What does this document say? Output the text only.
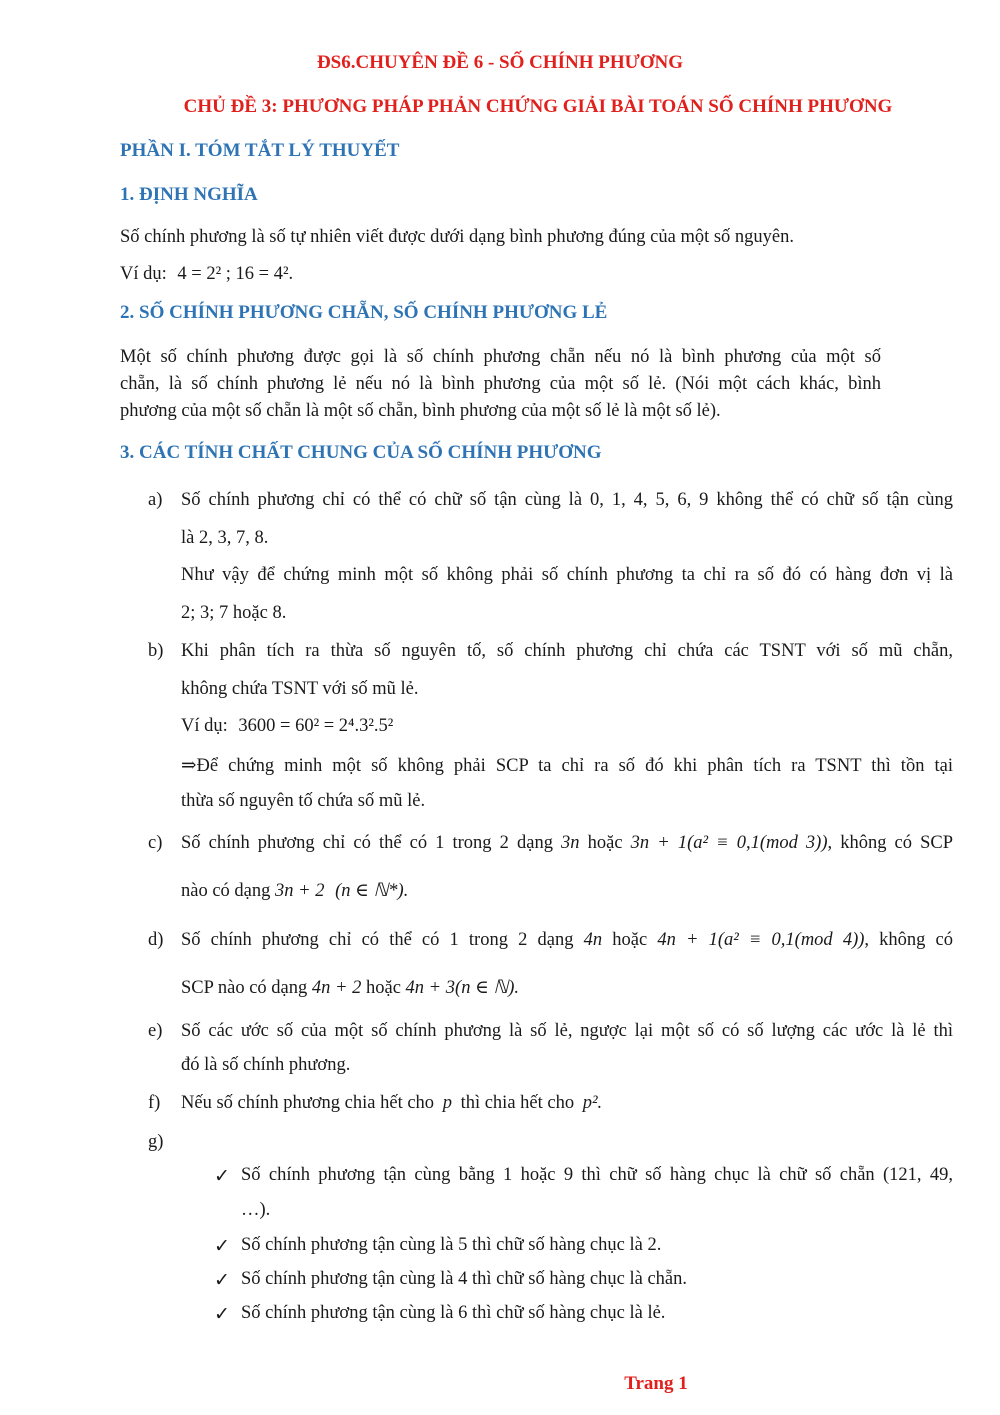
ĐS6.CHUYÊN ĐỀ 6 - SỐ CHÍNH PHƯƠNG
CHỦ ĐỀ 3: PHƯƠNG PHÁP PHẢN CHỨNG GIẢI BÀI TOÁN SỐ CHÍNH PHƯƠNG
PHẦN I. TÓM TẮT LÝ THUYẾT
1. ĐỊNH NGHĨA
Số chính phương là số tự nhiên viết được dưới dạng bình phương đúng của một số nguyên.
Ví dụ: 4 = 2² ; 16 = 4².
2. SỐ CHÍNH PHƯƠNG CHẴN, SỐ CHÍNH PHƯƠNG LẺ
Một số chính phương được gọi là số chính phương chẵn nếu nó là bình phương của một số
chẵn, là số chính phương lẻ nếu nó là bình phương của một số lẻ. (Nói một cách khác, bình
phương của một số chẵn là một số chẵn, bình phương của một số lẻ là một số lẻ).
3. CÁC TÍNH CHẤT CHUNG CỦA SỐ CHÍNH PHƯƠNG
a) Số chính phương chỉ có thể có chữ số tận cùng là 0, 1, 4, 5, 6, 9 không thể có chữ số tận cùng
là 2, 3, 7, 8.
Như vậy để chứng minh một số không phải số chính phương ta chỉ ra số đó có hàng đơn vị là
2; 3; 7 hoặc 8.
b) Khi phân tích ra thừa số nguyên tố, số chính phương chỉ chứa các TSNT với số mũ chẵn,
không chứa TSNT với số mũ lẻ.
Ví dụ: 3600 = 60² = 2⁴.3².5²
⇒Để chứng minh một số không phải SCP ta chỉ ra số đó khi phân tích ra TSNT thì tồn tại
thừa số nguyên tố chứa số mũ lẻ.
c) Số chính phương chỉ có thể có 1 trong 2 dạng 3n hoặc 3n + 1(a² ≡ 0,1(mod 3)), không có SCP
nào có dạng 3n + 2 (n ∈ ℕ*).
d) Số chính phương chỉ có thể có 1 trong 2 dạng 4n hoặc 4n + 1(a² ≡ 0,1(mod 4)), không có
SCP nào có dạng 4n + 2 hoặc 4n + 3(n ∈ ℕ).
e) Số các ước số của một số chính phương là số lẻ, ngược lại một số có số lượng các ước là lẻ thì
đó là số chính phương.
f) Nếu số chính phương chia hết cho p thì chia hết cho p².
g)
✓ Số chính phương tận cùng bằng 1 hoặc 9 thì chữ số hàng chục là chữ số chẵn (121, 49,
…).
✓ Số chính phương tận cùng là 5 thì chữ số hàng chục là 2.
✓ Số chính phương tận cùng là 4 thì chữ số hàng chục là chẵn.
✓ Số chính phương tận cùng là 6 thì chữ số hàng chục là lẻ.
Trang 1
